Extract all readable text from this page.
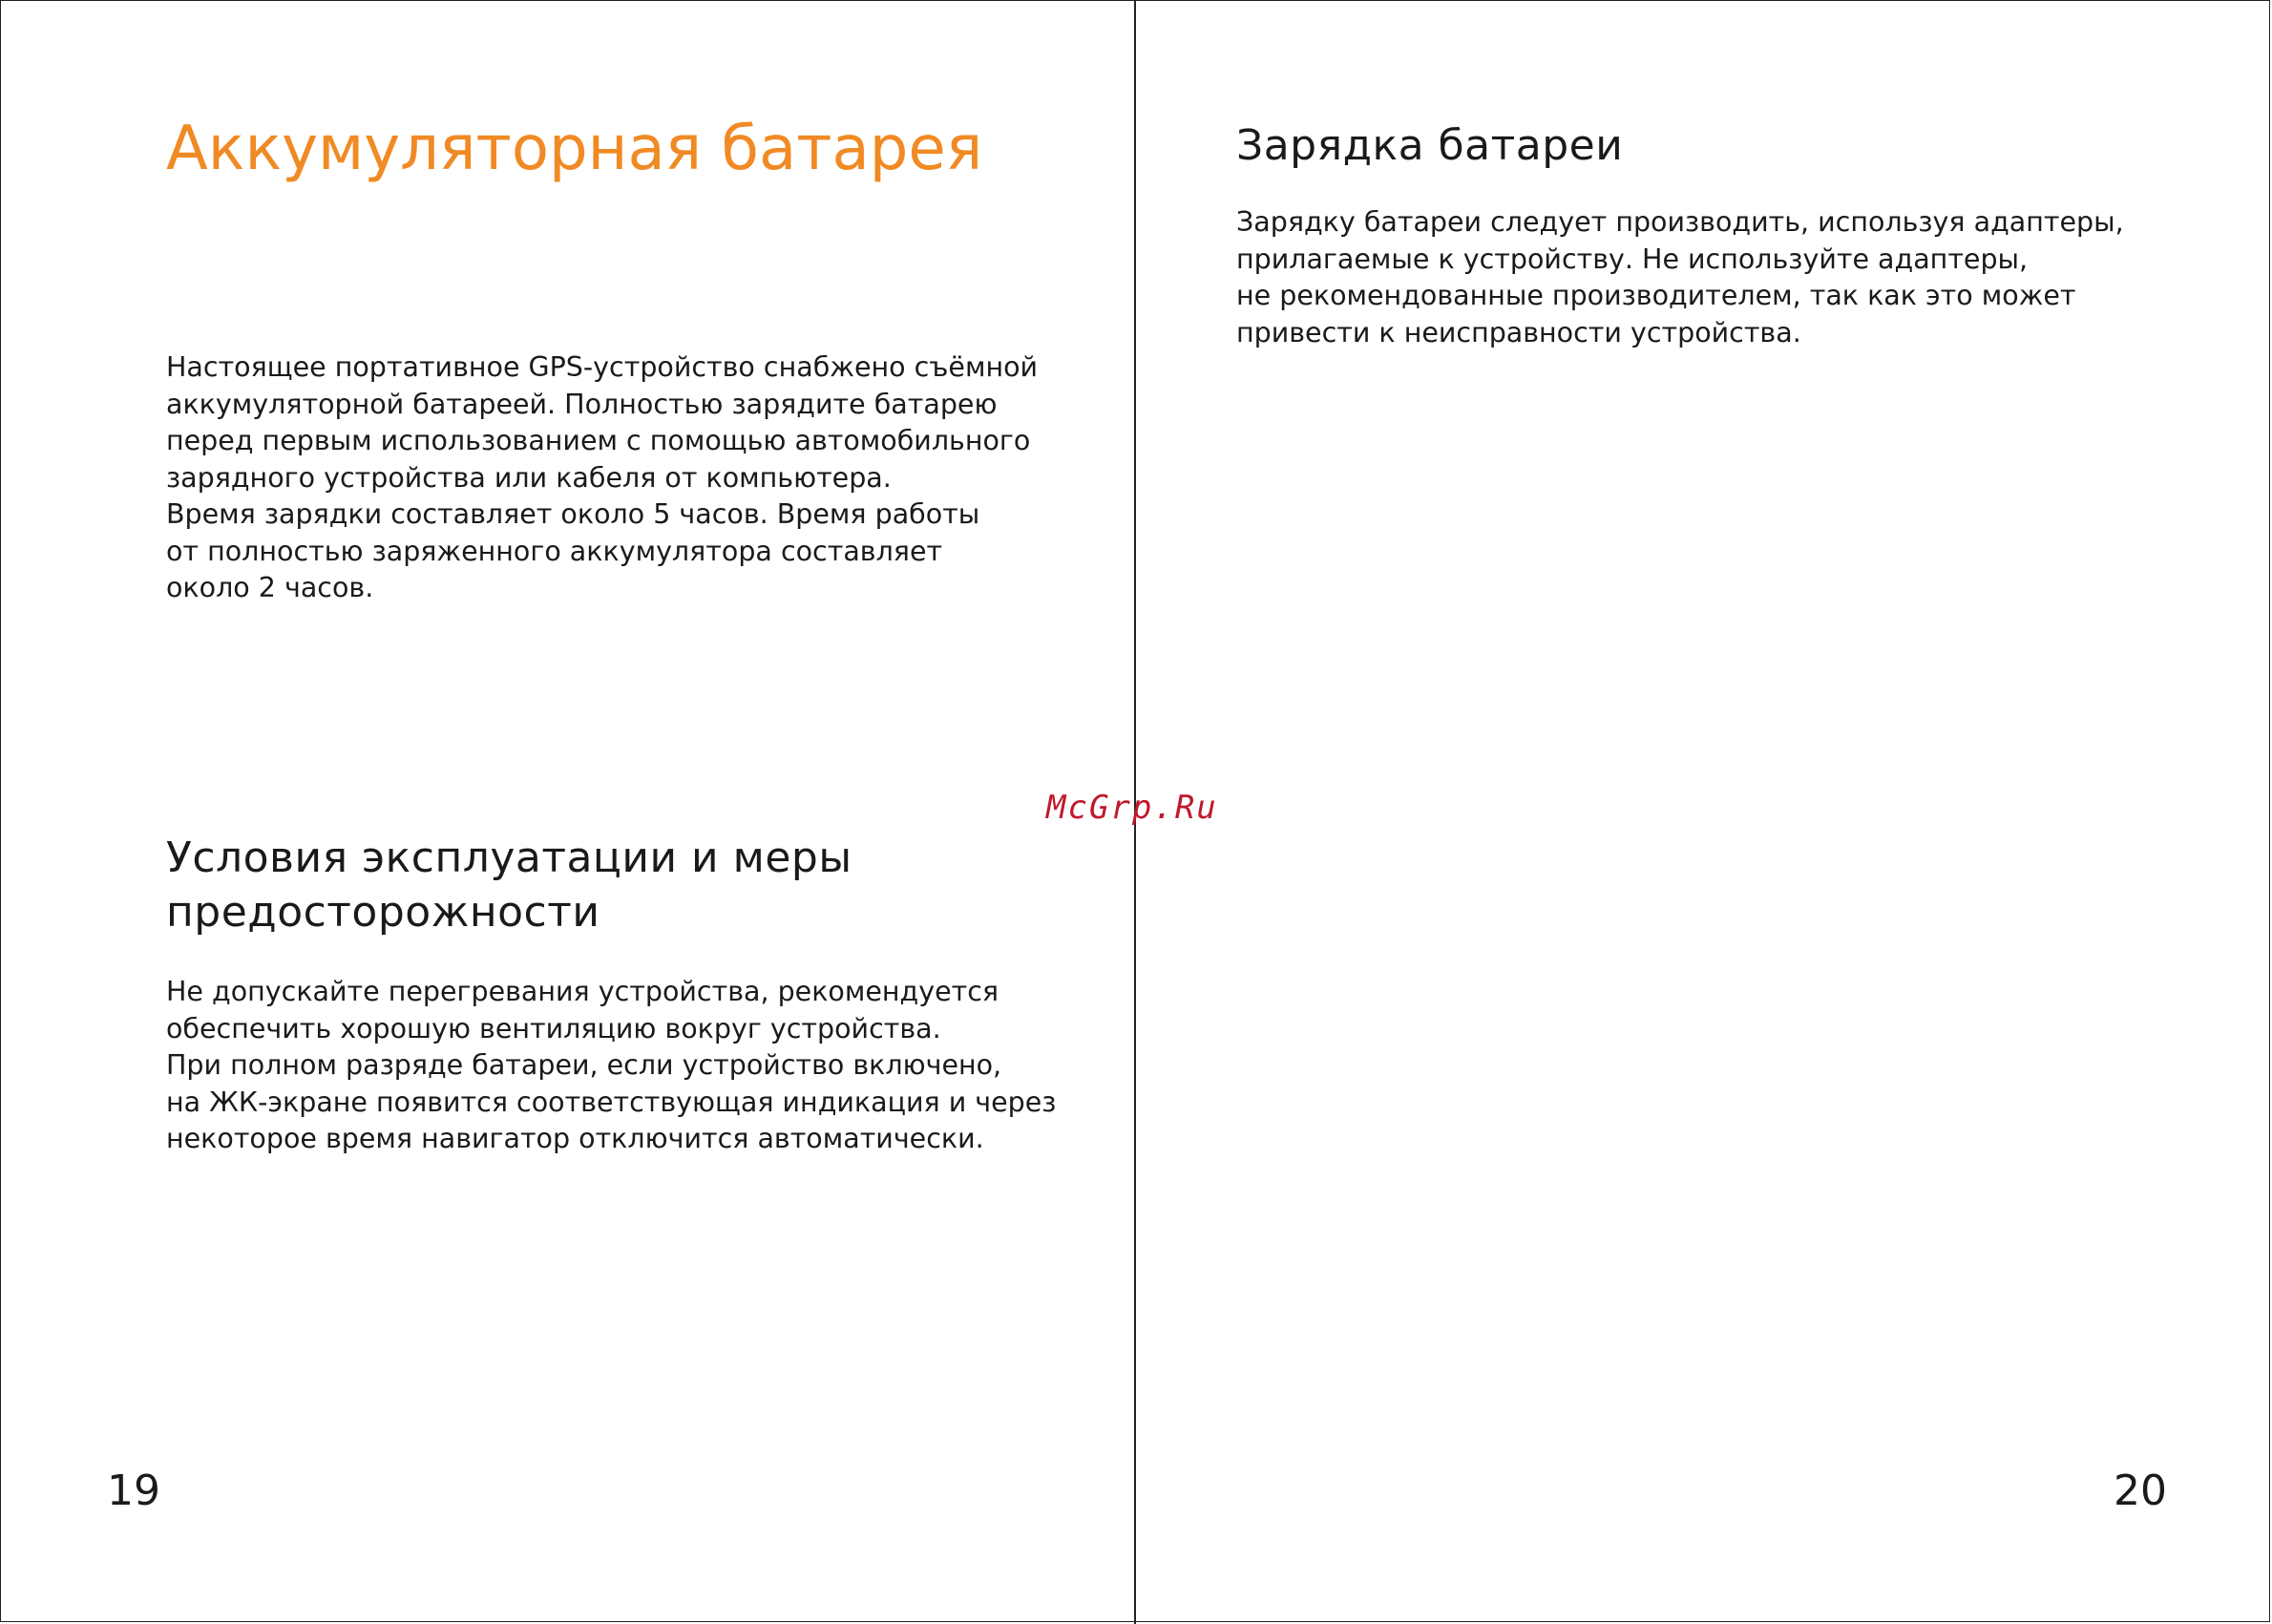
Аккумуляторная батарея

Настоящее портативное GPS-устройство снабжено съёмной
аккумуляторной батареей. Полностью зарядите батарею
перед первым использованием с помощью автомобильного
зарядного устройства или кабеля от компьютера.
Время зарядки составляет около 5 часов. Время работы
от полностью заряженного аккумулятора составляет
около 2 часов.

Условия эксплуатации и меры
предосторожности

Не допускайте перегревания устройства, рекомендуется
обеспечить хорошую вентиляцию вокруг устройства.
При полном разряде батареи, если устройство включено,
на ЖК-экране появится соответствующая индикация и через
некоторое время навигатор отключится автоматически.

19
Зарядка батареи

Зарядку батареи следует производить, используя адаптеры,
прилагаемые к устройству. Не используйте адаптеры,
не рекомендованные производителем, так как это может
привести к неисправности устройства.

20
McGrp.Ru
